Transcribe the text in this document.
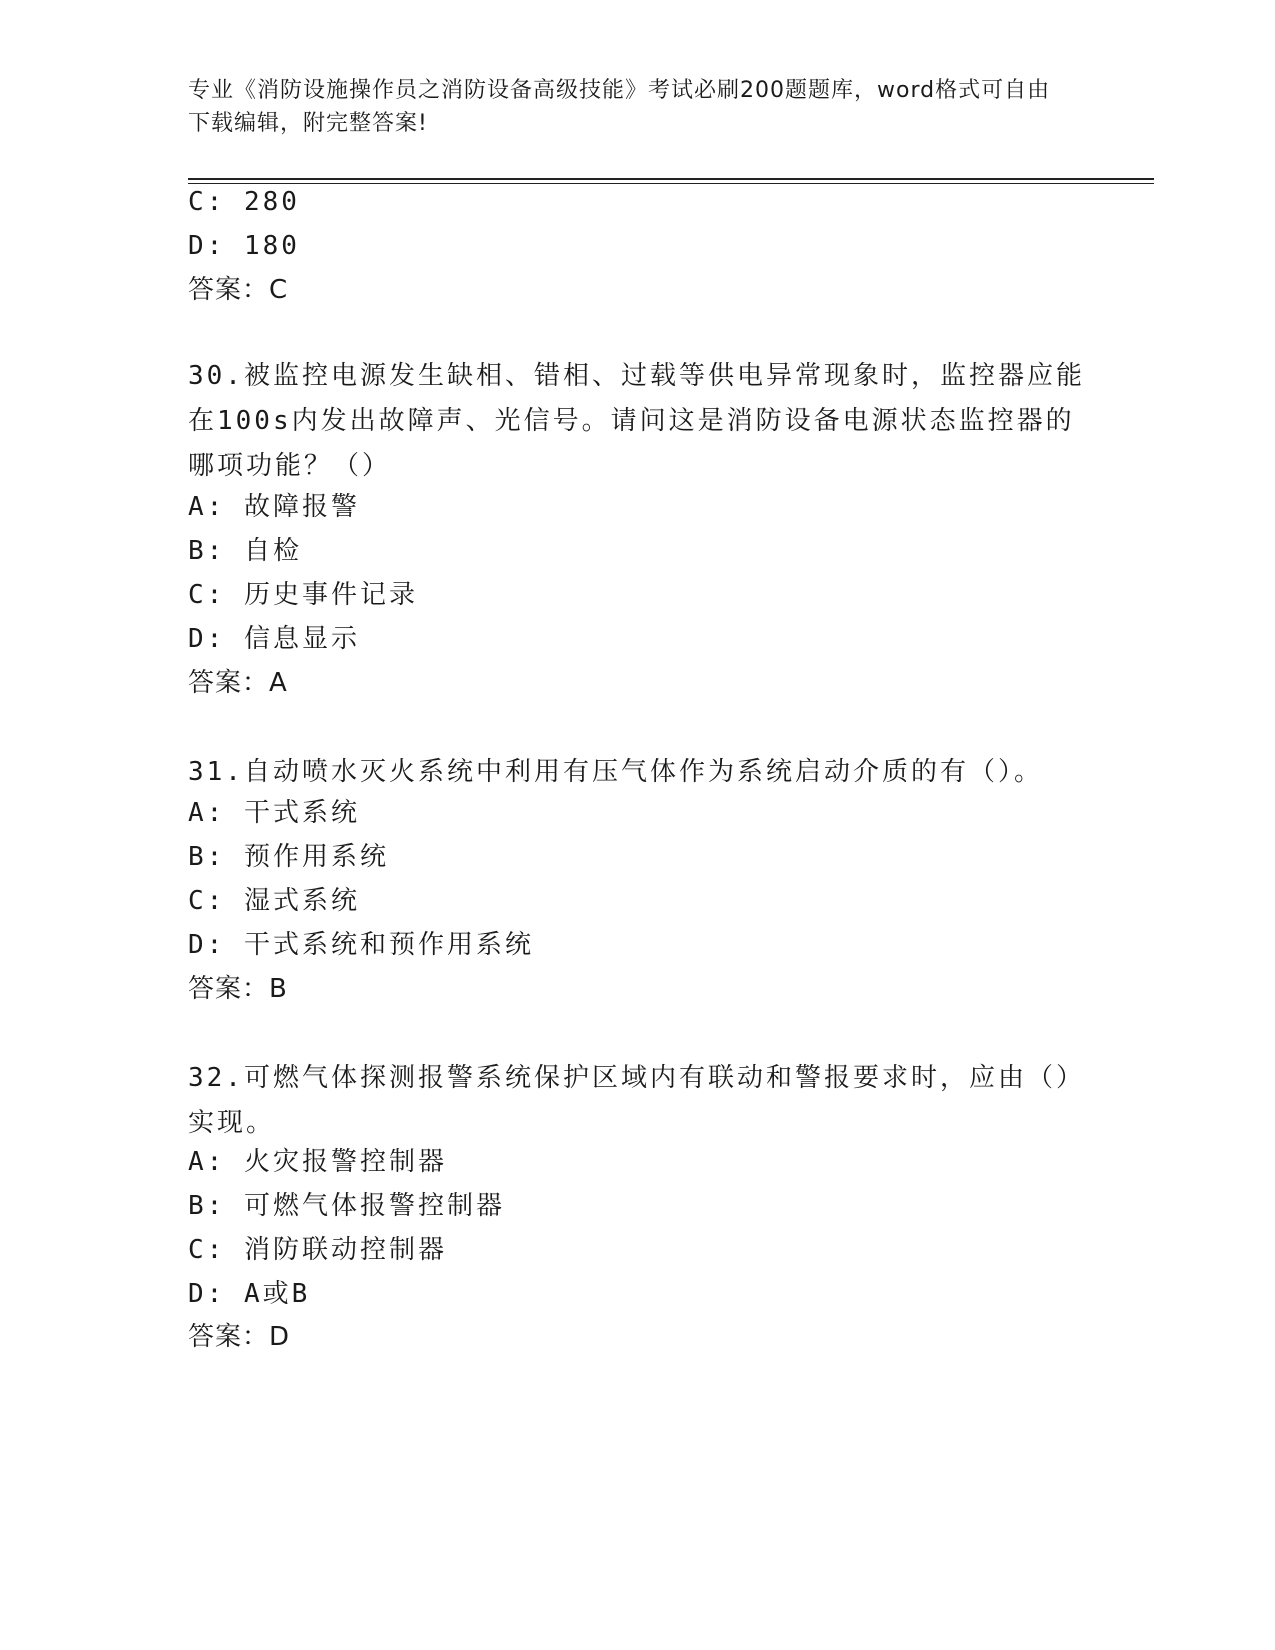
专业《消防设施操作员之消防设备高级技能》考试必刷200题题库，word格式可自由下载编辑，附完整答案!
C: 280
D: 180
答案：C
30.被监控电源发生缺相、错相、过载等供电异常现象时，监控器应能在100s内发出故障声、光信号。请问这是消防设备电源状态监控器的哪项功能？（）
A: 故障报警
B: 自检
C: 历史事件记录
D: 信息显示
答案：A
31.自动喷水灭火系统中利用有压气体作为系统启动介质的有（）。
A: 干式系统
B: 预作用系统
C: 湿式系统
D: 干式系统和预作用系统
答案：B
32.可燃气体探测报警系统保护区域内有联动和警报要求时，应由（）实现。
A: 火灾报警控制器
B: 可燃气体报警控制器
C: 消防联动控制器
D: A或B
答案：D
